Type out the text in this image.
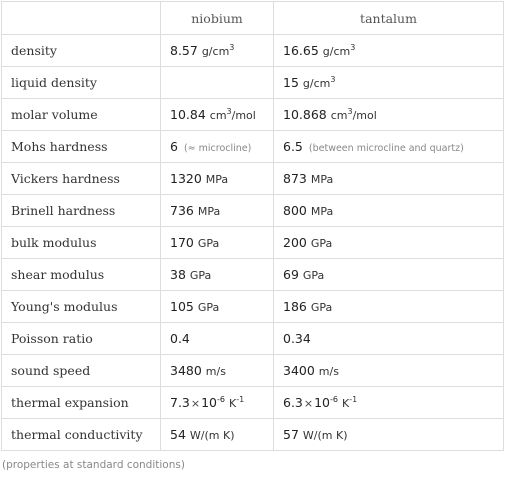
	niobium	tantalum
density	8.57 $g/cm^3$	16.65 $g/cm^3$
liquid density		15 $g/cm^3$
molar volume	10.84 $cm^3$/mol	10.868 $cm^3$/mol
Mohs hardness	6 (≈ microcline)	6.5 (between microcline and quartz)
Vickers hardness	1320 MPa	873 MPa
Brinell hardness	736 MPa	800 MPa
bulk modulus	170 GPa	200 GPa
shear modulus	38 GPa	69 GPa
Young's modulus	105 GPa	186 GPa
Poisson ratio	0.4	0.34
sound speed	3480 m/s	3400 m/s
thermal expansion	$7.3\times 10^{-6}$ $K^{-1}$	$6.3\times 10^{-6}$ $K^{-1}$
thermal conductivity	54 W/(m K)	57 W/(m K)
(properties at standard conditions)
